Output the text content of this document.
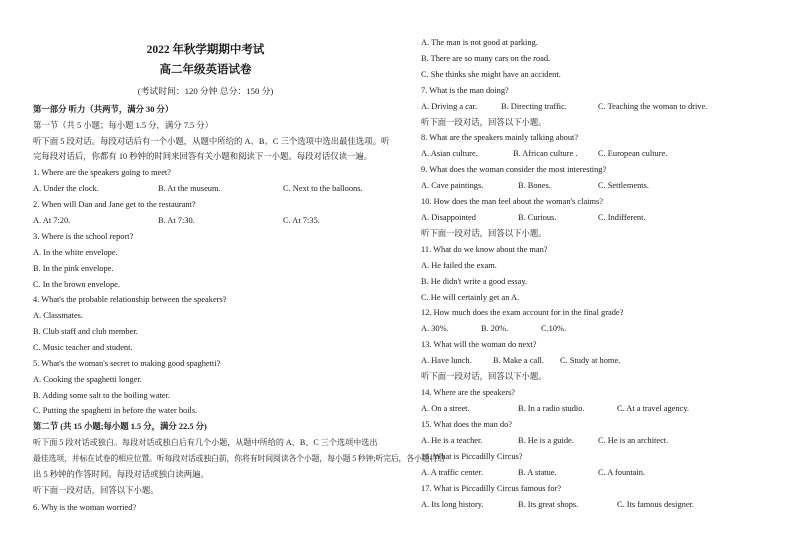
2022 年秋学期期中考试
高二年级英语试卷
(考试时间：120 分钟 总分：150 分)
第一部分 听力（共两节，满分 30 分）
第一节（共 5 小题；每小题 1.5 分，满分 7.5 分）
听下面 5 段对话。每段对话后有一个小题，从题中所给的 A、B、C 三个选项中选出最佳选项。听
完每段对话后，你都有 10 秒钟的时间来回答有关小题和阅读下一小题。每段对话仅读一遍。
1. Where are the speakers going to meet?
A. Under the clock.	B. At the museum.	C. Next to the balloons.
2. When will Dan and Jane get to the restaurant?
A. At 7:20.	B. At 7:30.	C. At 7:35.
3. Where is the school report?
A. In the white envelope.
B. In the pink envelope.
C. In the brown envelope.
4. What's the probable relationship between the speakers?
A. Classmates.
B. Club staff and club member.
C. Music teacher and student.
5. What's the woman's secret to making good spaghetti?
A. Cooking the spaghetti longer.
B. Adding some salt to the boiling water.
C. Putting the spaghetti in before the water boils.
第二节 (共 15 小题;每小题 1.5 分，满分 22.5 分)
听下面 5 段对话或独白。每段对话或独白后有几个小题，从题中所给的 A、B、C 三个选项中选出
最佳选项，并标在试卷的相应位置。听每段对话或独白前，你将有时间阅读各个小题，每小题 5 秒钟;听完后，各小题将给
出 5 秒钟的作答时间。每段对话或独白读两遍。
听下面一段对话，回答以下小题。
6. Why is the woman worried?
A. The man is not good at parking.
B. There are so many cars on the road.
C. She thinks she might have an accident.
7. What is the man doing?
A. Driving a car.	B. Directing traffic.	C. Teaching the woman to drive.
听下面一段对话，回答以下小题。
8. What are the speakers mainly talking about?
A. Asian culture.	B. African culture . C. European culture.
9. What does the woman consider the most interesting?
A. Cave paintings.	B. Bones.	C. Settlements.
10. How does the man feel about the woman's claims?
A. Disappointed	B. Curious.	C. Indifferent.
听下面一段对话，回答以下小题。
11. What do we know about the man?
A. He failed the exam.
B. He didn't write a good essay.
C. He will certainly get an A.
12. How much does the exam account for in the final grade?
A. 30%.	B. 20%.	C.10%.
13. What will the woman do next?
A. Have lunch.	B. Make a call. C. Study at home.
听下面一段对话，回答以下小题。
14. Where are the speakers?
A. On a street.	B. In a radio studio.	C. At a travel agency.
15. What does the man do?
A. He is a teacher.	B. He is a guide.	C. He is an architect.
16. What is Piccadilly Circus?
A. A traffic center.	B. A statue.	C. A fountain.
17. What is Piccadilly Circus famous for?
A. Its long history.	B. Its great shops.	C. Its famous designer.
